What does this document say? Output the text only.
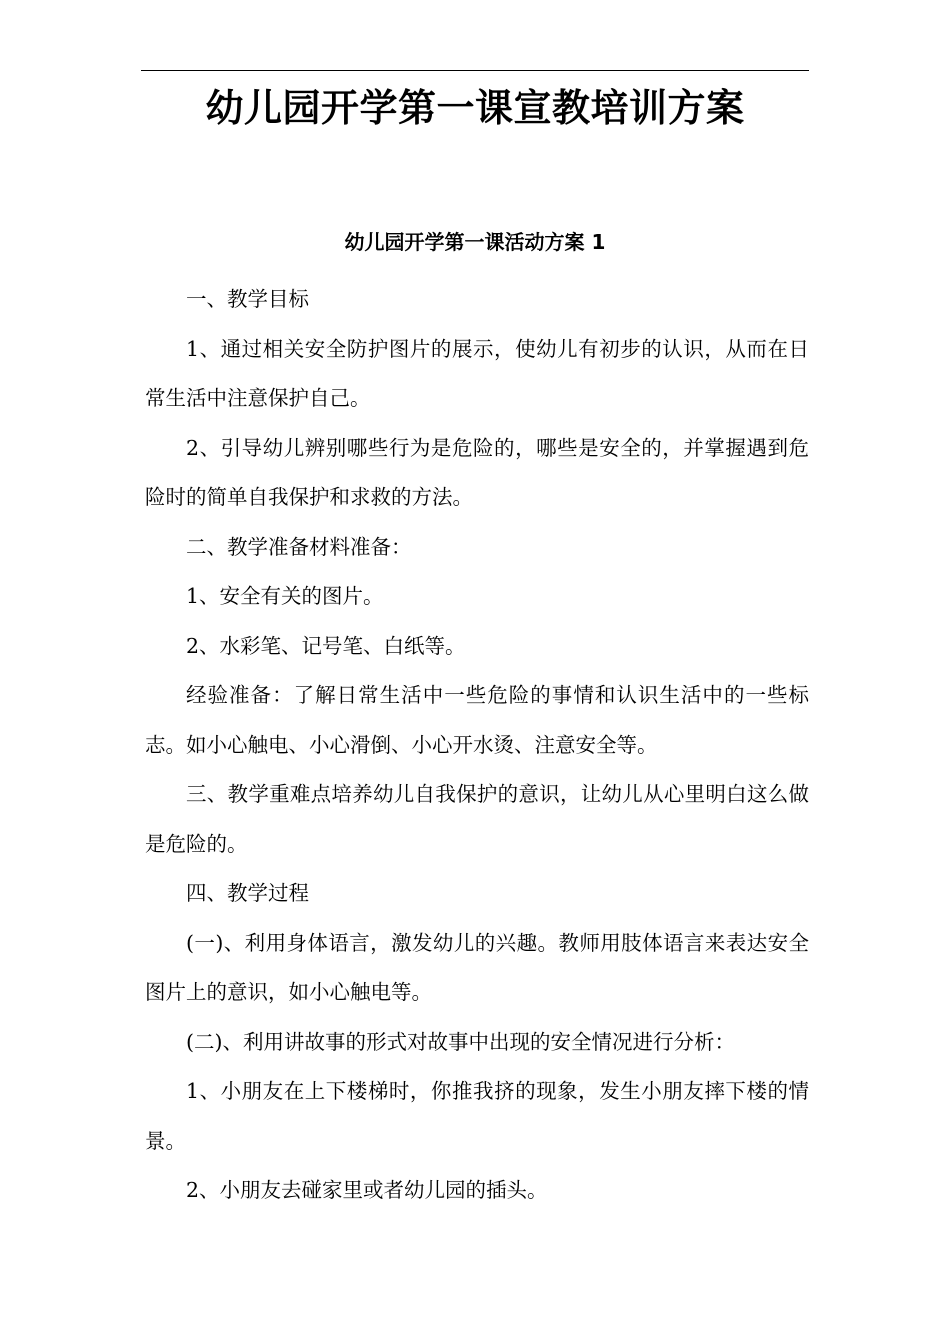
幼儿园开学第一课宣教培训方案
幼儿园开学第一课活动方案 1

一、教学目标

1、通过相关安全防护图片的展示，使幼儿有初步的认识，从而在日常生活中注意保护自己。

2、引导幼儿辨别哪些行为是危险的，哪些是安全的，并掌握遇到危险时的简单自我保护和求救的方法。

二、教学准备材料准备：

1、安全有关的图片。

2、水彩笔、记号笔、白纸等。

经验准备：了解日常生活中一些危险的事情和认识生活中的一些标志。如小心触电、小心滑倒、小心开水烫、注意安全等。

三、教学重难点培养幼儿自我保护的意识，让幼儿从心里明白这么做是危险的。

四、教学过程

(一)、利用身体语言，激发幼儿的兴趣。教师用肢体语言来表达安全图片上的意识，如小心触电等。

(二)、利用讲故事的形式对故事中出现的安全情况进行分析：

1、小朋友在上下楼梯时，你推我挤的现象，发生小朋友摔下楼的情景。

2、小朋友去碰家里或者幼儿园的插头。
